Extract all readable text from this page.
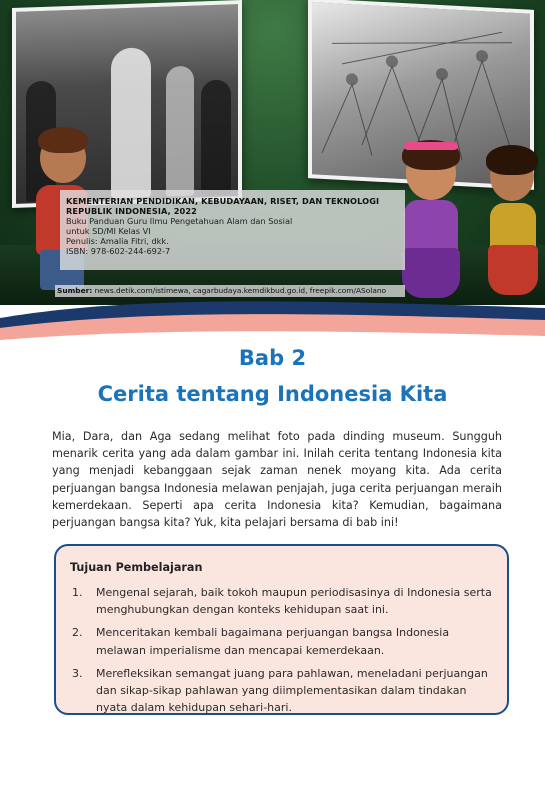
KEMENTERIAN PENDIDIKAN, KEBUDAYAAN, RISET, DAN TEKNOLOGI
REPUBLIK INDONESIA, 2022
Buku Panduan Guru Ilmu Pengetahuan Alam dan Sosial
untuk SD/MI Kelas VI
Penulis: Amalia Fitri, dkk.
ISBN: 978-602-244-692-7
Sumber: news.detik.com/istimewa, cagarbudaya.kemdikbud.go.id, freepik.com/ASolano
Bab 2
Cerita tentang Indonesia Kita

Mia, Dara, dan Aga sedang melihat foto pada dinding museum. Sungguh menarik cerita yang ada dalam gambar ini. Inilah cerita tentang Indonesia kita yang menjadi kebanggaan sejak zaman nenek moyang kita. Ada cerita perjuangan bangsa Indonesia melawan penjajah, juga cerita perjuangan meraih kemerdekaan. Seperti apa cerita Indonesia kita? Kemudian, bagaimana perjuangan bangsa kita? Yuk, kita pelajari bersama di bab ini!

Tujuan Pembelajaran
1. Mengenal sejarah, baik tokoh maupun periodisasinya di Indonesia serta menghubungkan dengan konteks kehidupan saat ini.
2. Menceritakan kembali bagaimana perjuangan bangsa Indonesia melawan imperialisme dan mencapai kemerdekaan.
3. Merefleksikan semangat juang para pahlawan, meneladani perjuangan dan sikap-sikap pahlawan yang diimplementasikan dalam tindakan nyata dalam kehidupan sehari-hari.
